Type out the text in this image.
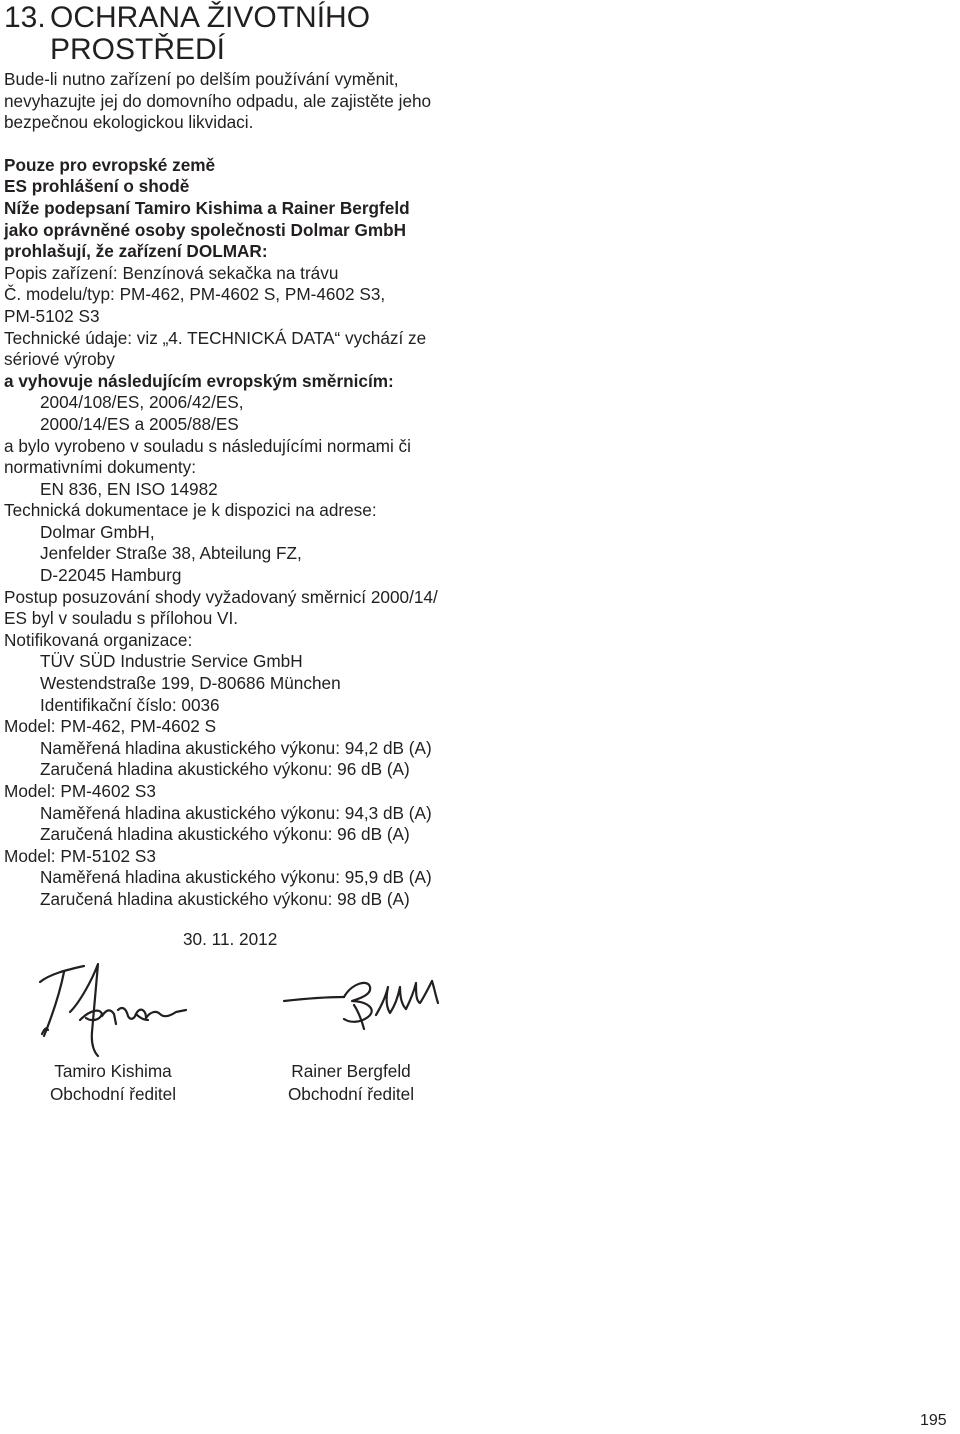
13. OCHRANA ŽIVOTNÍHO
PROSTŘEDÍ
Bude-li nutno zařízení po delším používání vyměnit,
nevyhazujte jej do domovního odpadu, ale zajistěte jeho
bezpečnou ekologickou likvidaci.
Pouze pro evropské země
ES prohlášení o shodě
Níže podepsaní Tamiro Kishima a Rainer Bergfeld
jako oprávněné osoby společnosti Dolmar GmbH
prohlašují, že zařízení DOLMAR:
Popis zařízení: Benzínová sekačka na trávu
Č. modelu/typ: PM-462, PM-4602 S, PM-4602 S3,
PM-5102 S3
Technické údaje: viz „4. TECHNICKÁ DATA“ vychází ze
sériové výroby
a vyhovuje následujícím evropským směrnicím:
2004/108/ES, 2006/42/ES,
2000/14/ES a 2005/88/ES
a bylo vyrobeno v souladu s následujícími normami či
normativními dokumenty:
EN 836, EN ISO 14982
Technická dokumentace je k dispozici na adrese:
Dolmar GmbH,
Jenfelder Straße 38, Abteilung FZ,
D-22045 Hamburg
Postup posuzování shody vyžadovaný směrnicí 2000/14/
ES byl v souladu s přílohou VI.
Notifikovaná organizace:
TÜV SÜD Industrie Service GmbH
Westendstraße 199, D-80686 München
Identifikační číslo: 0036
Model: PM-462, PM-4602 S
Naměřená hladina akustického výkonu: 94,2 dB (A)
Zaručená hladina akustického výkonu: 96 dB (A)
Model: PM-4602 S3
Naměřená hladina akustického výkonu: 94,3 dB (A)
Zaručená hladina akustického výkonu: 96 dB (A)
Model: PM-5102 S3
Naměřená hladina akustického výkonu: 95,9 dB (A)
Zaručená hladina akustického výkonu: 98 dB (A)
30. 11. 2012
Tamiro Kishima
Obchodní ředitel
Rainer Bergfeld
Obchodní ředitel
195
